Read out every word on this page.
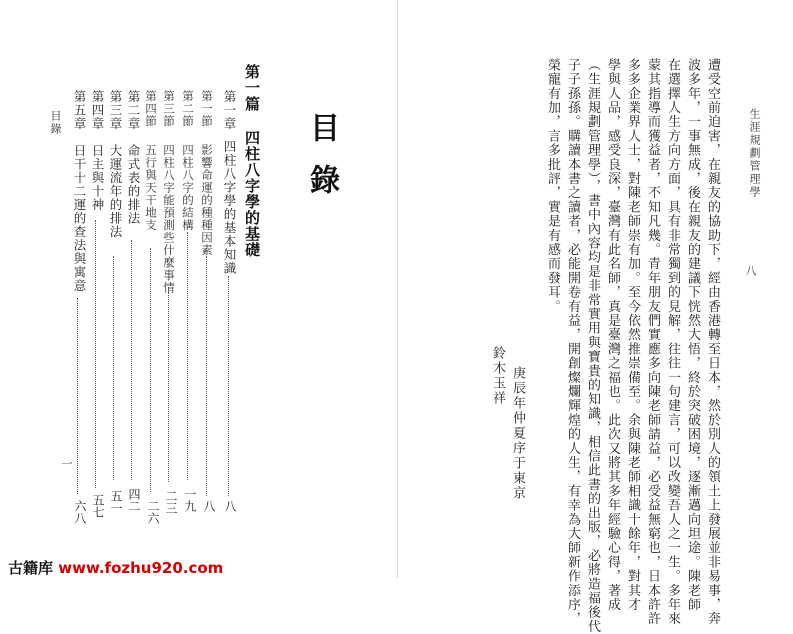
生涯規劃管理學
八
遭受空前迫害，在親友的協助下，經由香港轉至日本，然於別人的領土上發展並非易事，奔
波多年，一事無成，後在親友的建議下恍然大悟，終於突破困境，逐漸邁向坦途。陳老師
在選擇人生方向方面，具有非常獨到的見解，往往一句建言，可以改變吾人之一生。多年來
蒙其指導而獲益者，不知凡幾。青年朋友們實應多向陳老師請益，必受益無窮也，日本許許
多多企業界人士，對陳老師崇有加。至今依然推崇備至。余與陳老師相識十餘年，對其才
學與人品，感受良深，臺灣有此名師，真是臺灣之福也。此次又將其多年經驗心得，著成
（生涯規劃管理學），書中內容均是非常實用與寶貴的知識，相信此書的出版，必將造福後代
子子孫孫。購讀本書之讀者，必能開卷有益，開創燦爛輝煌的人生，有幸為大師新作添序，
榮寵有加，言多批評，實是有感而發耳。
庚辰年仲夏序于東京
鈴木玉祥
目錄
第一篇
四柱八字學的基礎
第一章
四柱八字學的基本知識
八
第一節
影響命運的種種因素
八
第二節
四柱八字的結構
一九
第三節
四柱八字能預測些什麼事情
二三
第四節
五行與天干地支
二六
第二章
命式表的排法
四二
第三章
大運流年的排法
五一
第四章
日主與十神
五七
第五章
日干十二運的查法與寓意
六八
目錄
一
古籍库 www.fozhu920.com
